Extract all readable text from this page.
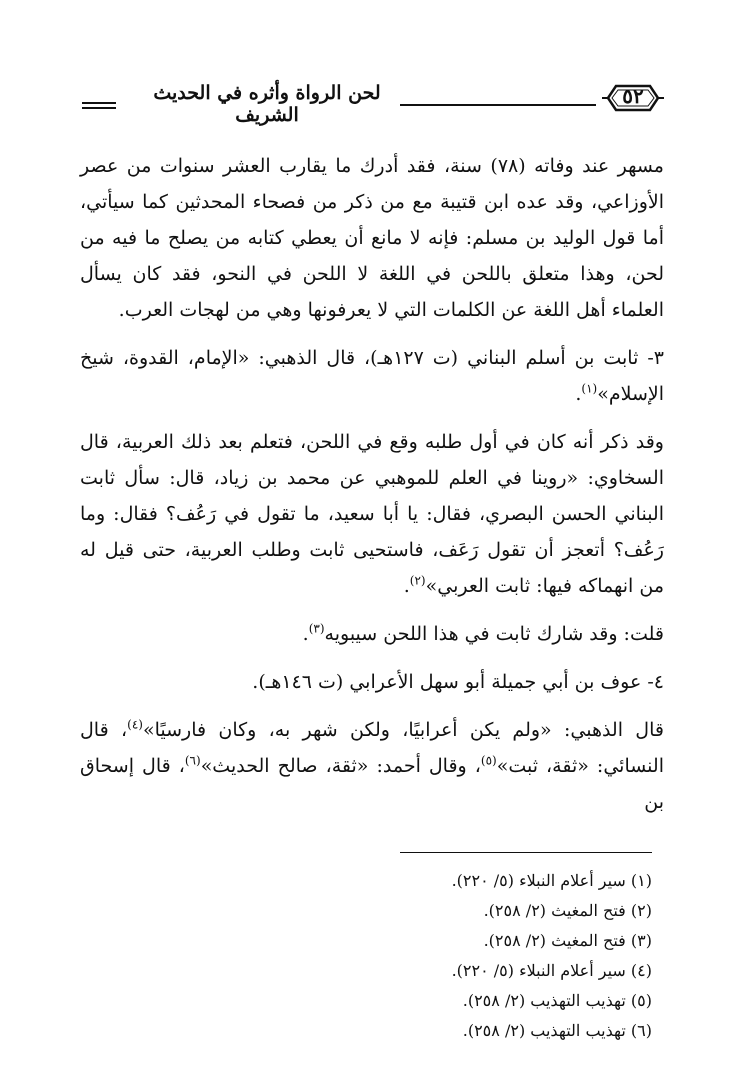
لحن الرواة وأثره في الحديث الشريف
٥٢

مسهر عند وفاته (٧٨) سنة، فقد أدرك ما يقارب العشر سنوات من عصر الأوزاعي، وقد عده ابن قتيبة مع من ذكر من فصحاء المحدثين كما سيأتي، أما قول الوليد بن مسلم: فإنه لا مانع أن يعطي كتابه من يصلح ما فيه من لحن، وهذا متعلق باللحن في اللغة لا اللحن في النحو، فقد كان يسأل العلماء أهل اللغة عن الكلمات التي لا يعرفونها وهي من لهجات العرب.

٣- ثابت بن أسلم البناني (ت ١٢٧هـ)، قال الذهبي: «الإمام، القدوة، شيخ الإسلام»$^{(١)}$.

وقد ذكر أنه كان في أول طلبه وقع في اللحن، فتعلم بعد ذلك العربية، قال السخاوي: «روينا في العلم للموهبي عن محمد بن زياد، قال: سأل ثابت البناني الحسن البصري، فقال: يا أبا سعيد، ما تقول في رَعُف؟ فقال: وما رَعُف؟ أتعجز أن تقول رَعَف، فاستحيى ثابت وطلب العربية، حتى قيل له من انهماكه فيها: ثابت العربي»$^{(٢)}$.

قلت: وقد شارك ثابت في هذا اللحن سيبويه$^{(٣)}$.

٤- عوف بن أبي جميلة أبو سهل الأعرابي (ت ١٤٦هـ).

قال الذهبي: «ولم يكن أعرابيًا، ولكن شهر به، وكان فارسيًا»$^{(٤)}$، قال النسائي: «ثقة، ثبت»$^{(٥)}$، وقال أحمد: «ثقة، صالح الحديث»$^{(٦)}$، قال إسحاق بن

(١) سير أعلام النبلاء (٥/ ٢٢٠).
(٢) فتح المغيث (٢/ ٢٥٨).
(٣) فتح المغيث (٢/ ٢٥٨).
(٤) سير أعلام النبلاء (٥/ ٢٢٠).
(٥) تهذيب التهذيب (٢/ ٢٥٨).
(٦) تهذيب التهذيب (٢/ ٢٥٨).
